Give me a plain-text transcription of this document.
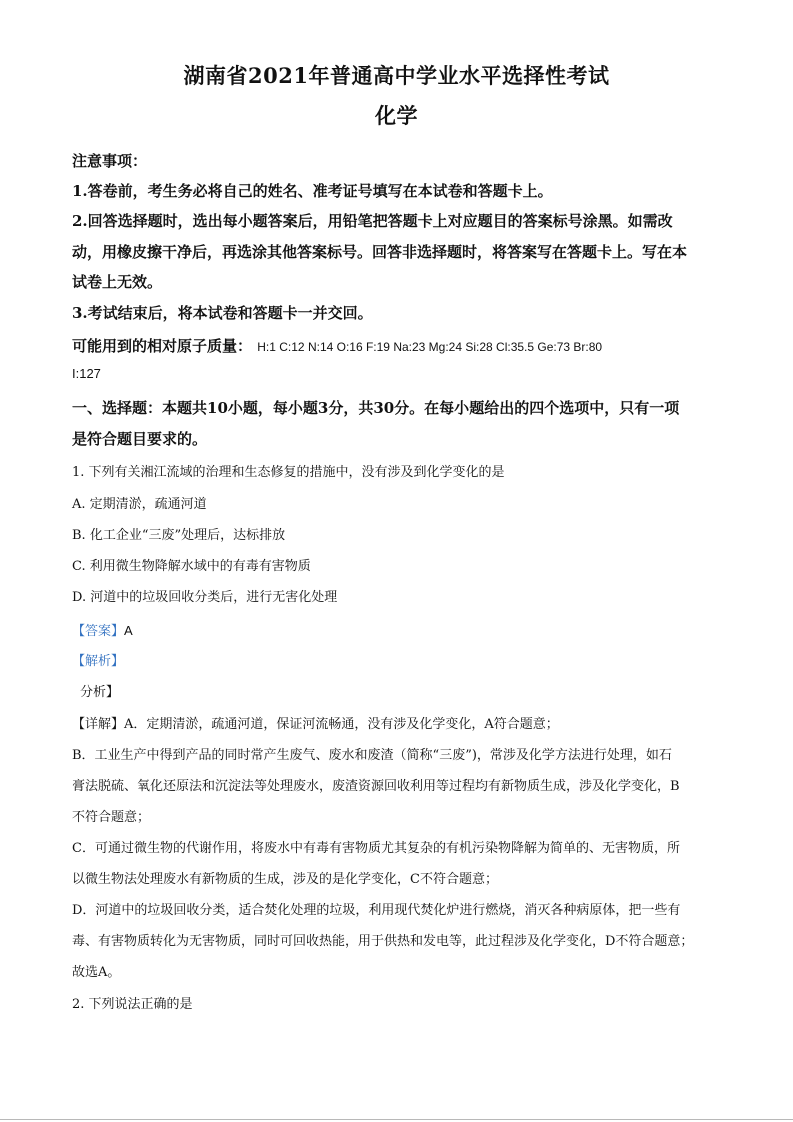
湖南省2021年普通高中学业水平选择性考试
化学
注意事项：
1.答卷前，考生务必将自己的姓名、准考证号填写在本试卷和答题卡上。
2.回答选择题时，选出每小题答案后，用铅笔把答题卡上对应题目的答案标号涂黑。如需改
动，用橡皮擦干净后，再选涂其他答案标号。回答非选择题时，将答案写在答题卡上。写在本
试卷上无效。
3.考试结束后，将本试卷和答题卡一并交回。
可能用到的相对原子质量： H:1 C:12 N:14 O:16 F:19 Na:23 Mg:24 Si:28 Cl:35.5 Ge:73 Br:80
I:127
一、选择题：本题共10小题，每小题3分，共30分。在每小题给出的四个选项中，只有一项
是符合题目要求的。
1. 下列有关湘江流域的治理和生态修复的措施中，没有涉及到化学变化的是
A. 定期清淤，疏通河道
B. 化工企业“三废”处理后，达标排放
C. 利用微生物降解水域中的有毒有害物质
D. 河道中的垃圾回收分类后，进行无害化处理
【答案】A
【解析】
分析】
【详解】A．定期清淤，疏通河道，保证河流畅通，没有涉及化学变化，A符合题意；
B．工业生产中得到产品的同时常产生废气、废水和废渣（简称“三废”)，常涉及化学方法进行处理，如石
膏法脱硫、氧化还原法和沉淀法等处理废水，废渣资源回收利用等过程均有新物质生成，涉及化学变化，B
不符合题意；
C．可通过微生物的代谢作用，将废水中有毒有害物质尤其复杂的有机污染物降解为简单的、无害物质，所
以微生物法处理废水有新物质的生成，涉及的是化学变化，C不符合题意；
D．河道中的垃圾回收分类，适合焚化处理的垃圾，利用现代焚化炉进行燃烧，消灭各种病原体，把一些有
毒、有害物质转化为无害物质，同时可回收热能，用于供热和发电等，此过程涉及化学变化，D不符合题意；
故选A。
2. 下列说法正确的是
